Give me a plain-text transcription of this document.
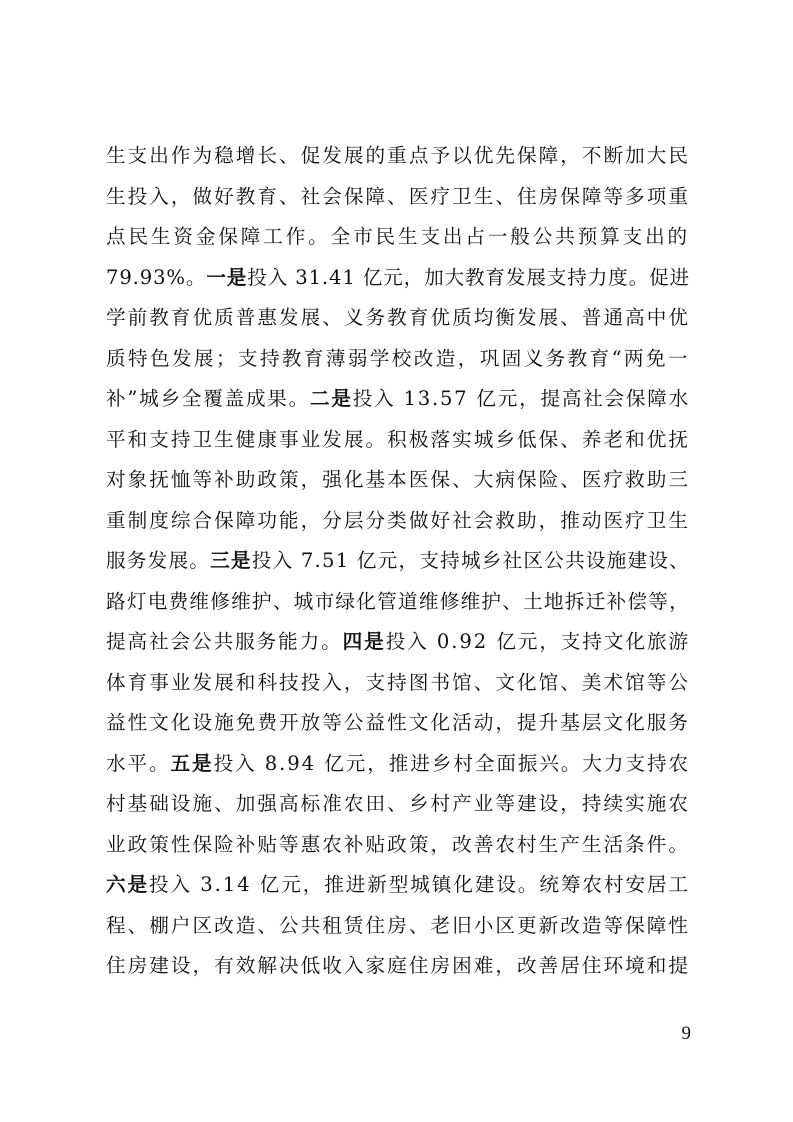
生支出作为稳增长、促发展的重点予以优先保障，不断加大民
生投入，做好教育、社会保障、医疗卫生、住房保障等多项重
点民生资金保障工作。全市民生支出占一般公共预算支出的
79.93%。一是投入 31.41 亿元，加大教育发展支持力度。促进
学前教育优质普惠发展、义务教育优质均衡发展、普通高中优
质特色发展；支持教育薄弱学校改造，巩固义务教育“两免一
补”城乡全覆盖成果。二是投入 13.57 亿元，提高社会保障水
平和支持卫生健康事业发展。积极落实城乡低保、养老和优抚
对象抚恤等补助政策，强化基本医保、大病保险、医疗救助三
重制度综合保障功能，分层分类做好社会救助，推动医疗卫生
服务发展。三是投入 7.51 亿元，支持城乡社区公共设施建设、
路灯电费维修维护、城市绿化管道维修维护、土地拆迁补偿等，
提高社会公共服务能力。四是投入 0.92 亿元，支持文化旅游
体育事业发展和科技投入，支持图书馆、文化馆、美术馆等公
益性文化设施免费开放等公益性文化活动，提升基层文化服务
水平。五是投入 8.94 亿元，推进乡村全面振兴。大力支持农
村基础设施、加强高标准农田、乡村产业等建设，持续实施农
业政策性保险补贴等惠农补贴政策，改善农村生产生活条件。
六是投入 3.14 亿元，推进新型城镇化建设。统筹农村安居工
程、棚户区改造、公共租赁住房、老旧小区更新改造等保障性
住房建设，有效解决低收入家庭住房困难，改善居住环境和提
9
